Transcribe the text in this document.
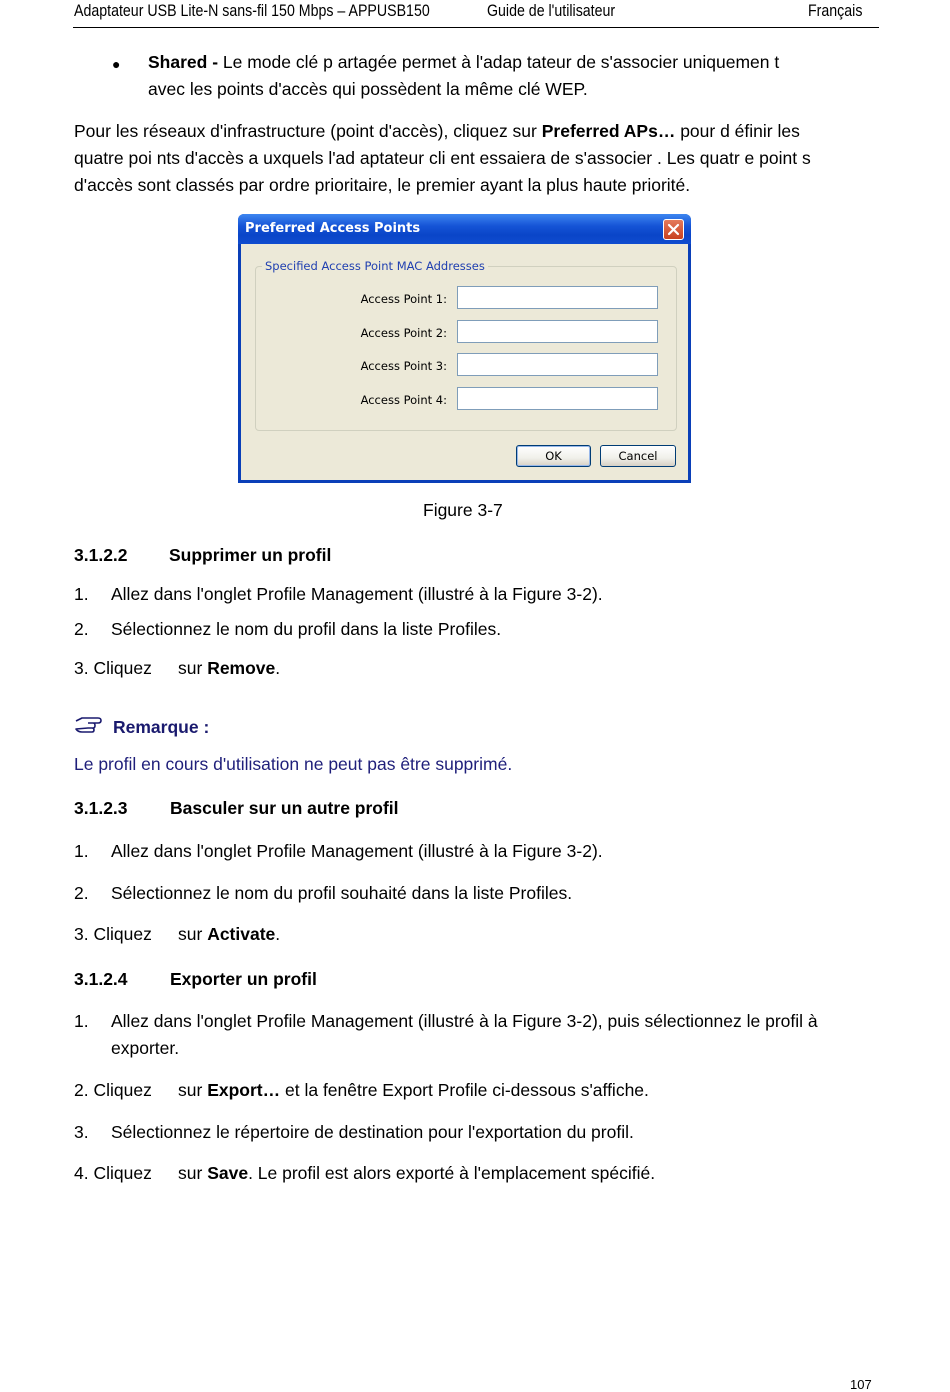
Adaptateur USB Lite-N sans-fil 150 Mbps – APPUSB150	Guide de l'utilisateur	Français
● Shared - Le mode clé p artagée permet à l'adap tateur de s'associer uniquemen t
avec les points d'accès qui possèdent la même clé WEP.
Pour les réseaux d'infrastructure (point d'accès), cliquez sur Preferred APs… pour d éfinir les
quatre poi nts d'accès a uxquels l'ad aptateur cli ent essaiera de s'associer . Les quatr e point s
d'accès sont classés par ordre prioritaire, le premier ayant la plus haute priorité.
Preferred Access Points
Specified Access Point MAC Addresses
Access Point 1:
Access Point 2:
Access Point 3:
Access Point 4:
OK	Cancel
Figure 3-7
3.1.2.2 Supprimer un profil
1. Allez dans l'onglet Profile Management (illustré à la Figure 3-2).
2. Sélectionnez le nom du profil dans la liste Profiles.
3. Cliquez sur Remove.
Remarque :
Le profil en cours d'utilisation ne peut pas être supprimé.
3.1.2.3 Basculer sur un autre profil
1. Allez dans l'onglet Profile Management (illustré à la Figure 3-2).
2. Sélectionnez le nom du profil souhaité dans la liste Profiles.
3. Cliquez sur Activate.
3.1.2.4 Exporter un profil
1. Allez dans l'onglet Profile Management (illustré à la Figure 3-2), puis sélectionnez le profil à
exporter.
2. Cliquez sur Export… et la fenêtre Export Profile ci-dessous s'affiche.
3. Sélectionnez le répertoire de destination pour l'exportation du profil.
4. Cliquez sur Save. Le profil est alors exporté à l'emplacement spécifié.
107
